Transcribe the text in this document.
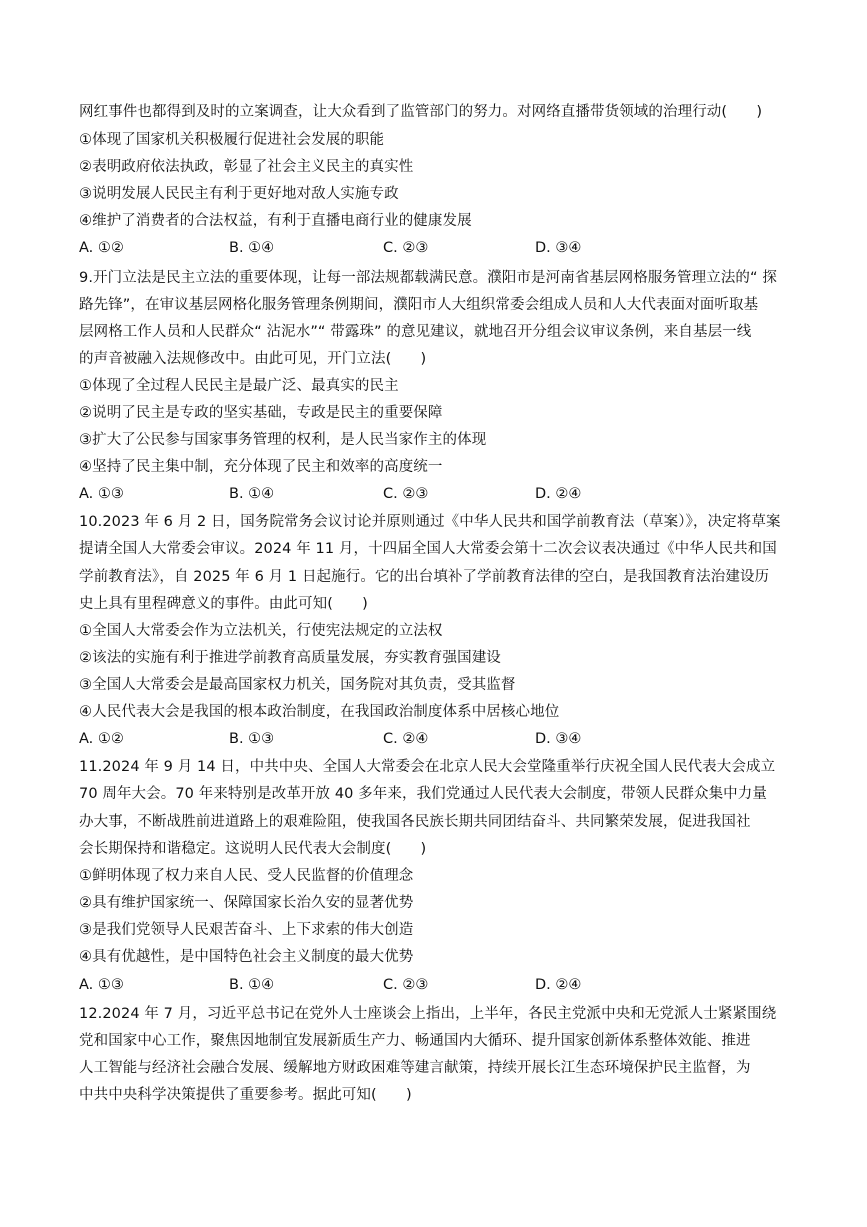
网红事件也都得到及时的立案调查，让大众看到了监管部门的努力。对网络直播带货领域的治理行动(　　)
①体现了国家机关积极履行促进社会发展的职能
②表明政府依法执政，彰显了社会主义民主的真实性
③说明发展人民民主有利于更好地对敌人实施专政
④维护了消费者的合法权益，有利于直播电商行业的健康发展
A. ①②	B. ①④	C. ②③	D. ③④
9.开门立法是民主立法的重要体现，让每一部法规都载满民意。濮阳市是河南省基层网格服务管理立法的“ 探
路先锋”，在审议基层网格化服务管理条例期间，濮阳市人大组织常委会组成人员和人大代表面对面听取基
层网格工作人员和人民群众“ 沾泥水”“ 带露珠” 的意见建议，就地召开分组会议审议条例，来自基层一线
的声音被融入法规修改中。由此可见，开门立法(　　)
①体现了全过程人民民主是最广泛、最真实的民主
②说明了民主是专政的坚实基础，专政是民主的重要保障
③扩大了公民参与国家事务管理的权利，是人民当家作主的体现
④坚持了民主集中制，充分体现了民主和效率的高度统一
A. ①③	B. ①④	C. ②③	D. ②④
10.2023 年 6 月 2 日，国务院常务会议讨论并原则通过《中华人民共和国学前教育法（草案）》，决定将草案
提请全国人大常委会审议。2024 年 11 月，十四届全国人大常委会第十二次会议表决通过《中华人民共和国
学前教育法》，自 2025 年 6 月 1 日起施行。它的出台填补了学前教育法律的空白，是我国教育法治建设历
史上具有里程碑意义的事件。由此可知(　　)
①全国人大常委会作为立法机关，行使宪法规定的立法权
②该法的实施有利于推进学前教育高质量发展，夯实教育强国建设
③全国人大常委会是最高国家权力机关，国务院对其负责，受其监督
④人民代表大会是我国的根本政治制度，在我国政治制度体系中居核心地位
A. ①②	B. ①③	C. ②④	D. ③④
11.2024 年 9 月 14 日，中共中央、全国人大常委会在北京人民大会堂隆重举行庆祝全国人民代表大会成立
70 周年大会。70 年来特别是改革开放 40 多年来，我们党通过人民代表大会制度，带领人民群众集中力量
办大事，不断战胜前进道路上的艰难险阻，使我国各民族长期共同团结奋斗、共同繁荣发展，促进我国社
会长期保持和谐稳定。这说明人民代表大会制度(　　)
①鲜明体现了权力来自人民、受人民监督的价值理念
②具有维护国家统一、保障国家长治久安的显著优势
③是我们党领导人民艰苦奋斗、上下求索的伟大创造
④具有优越性，是中国特色社会主义制度的最大优势
A. ①③	B. ①④	C. ②③	D. ②④
12.2024 年 7 月，习近平总书记在党外人士座谈会上指出，上半年，各民主党派中央和无党派人士紧紧围绕
党和国家中心工作，聚焦因地制宜发展新质生产力、畅通国内大循环、提升国家创新体系整体效能、推进
人工智能与经济社会融合发展、缓解地方财政困难等建言献策，持续开展长江生态环境保护民主监督，为
中共中央科学决策提供了重要参考。据此可知(　　)
